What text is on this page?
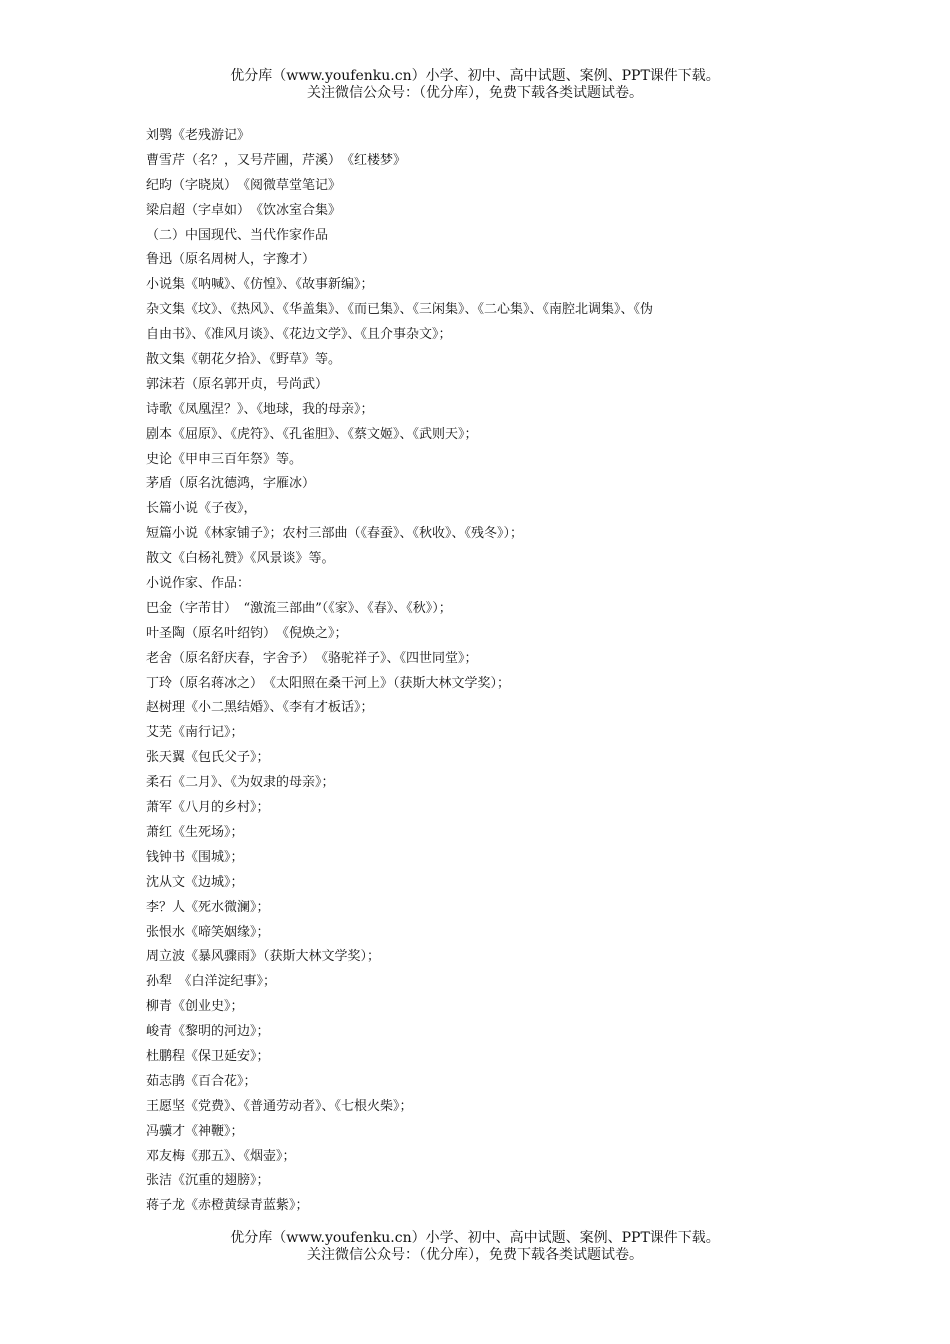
优分库（www.youfenku.cn）小学、初中、高中试题、案例、PPT课件下载。
关注微信公众号：（优分库），免费下载各类试题试卷。
刘鹗《老残游记》
曹雪芹（名？，又号芹圃，芹溪）　《红楼梦》
纪昀（字晓岚）　《阅微草堂笔记》
梁启超（字卓如）　《饮冰室合集》
（二）中国现代、当代作家作品
鲁迅（原名周树人，字豫才）
小说集《呐喊》、《仿惶》、《故事新编》；
杂文集《坟》、《热风》、《华盖集》、《而已集》、《三闲集》、《二心集》、《南腔北调集》、《伪
自由书》、《准风月谈》、《花边文学》、《且介事杂文》；
散文集《朝花夕拾》、《野草》等。
郭沫若（原名郭开贞，号尚武）
诗歌《凤凰涅？》、《地球，我的母亲》；
剧本《屈原》、《虎符》、《孔雀胆》、《蔡文姬》、《武则天》；
史论《甲申三百年祭》等。
茅盾（原名沈德鸿，字雁冰）
长篇小说《子夜》，
短篇小说《林家铺子》；农村三部曲（《春蚕》、《秋收》、《残冬》）；
散文《白杨礼赞》《风景谈》等。
小说作家、作品：
巴金（字芾甘）　“激流三部曲”（《家》、《春》、《秋》）；
叶圣陶（原名叶绍钧）　《倪焕之》；
老舍（原名舒庆春，字舍予）　《骆驼祥子》、《四世同堂》；
丁玲（原名蒋冰之）　《太阳照在桑干河上》（获斯大林文学奖）；
赵树理《小二黑结婚》、《李有才板话》；
艾芜《南行记》；
张天翼《包氏父子》；
柔石《二月》、《为奴隶的母亲》；
萧军《八月的乡村》；
萧红《生死场》；
钱钟书《围城》；
沈从文《边城》；
李？人《死水微澜》；
张恨水《啼笑姻缘》；
周立波《暴风骤雨》（获斯大林文学奖）；
孙犁　《白洋淀纪事》；
柳青《创业史》；
峻青《黎明的河边》；
杜鹏程《保卫延安》；
茹志鹃《百合花》；
王愿坚《党费》、《普通劳动者》、《七根火柴》；
冯骥才《神鞭》；
邓友梅《那五》、《烟壶》；
张洁《沉重的翅膀》；
蒋子龙《赤橙黄绿青蓝紫》；
优分库（www.youfenku.cn）小学、初中、高中试题、案例、PPT课件下载。
关注微信公众号：（优分库），免费下载各类试题试卷。
